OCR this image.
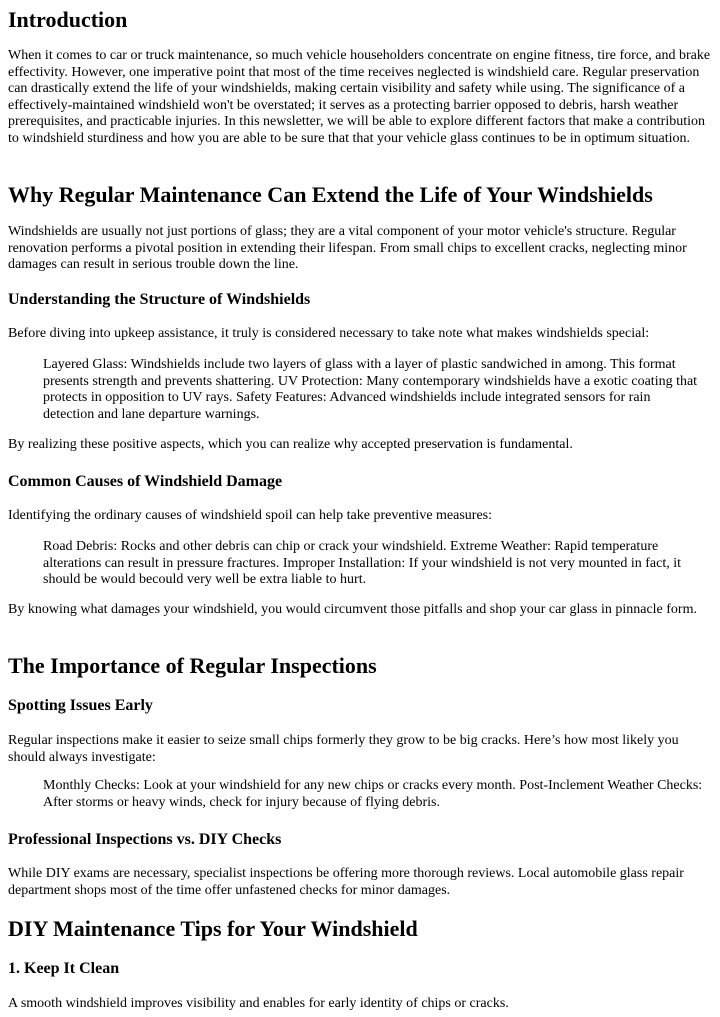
Introduction

When it comes to car or truck maintenance, so much vehicle householders concentrate on engine fitness, tire force, and brake effectivity. However, one imperative point that most of the time receives neglected is windshield care. Regular preservation can drastically extend the life of your windshields, making certain visibility and safety while using. The significance of a effectively-maintained windshield won't be overstated; it serves as a protecting barrier opposed to debris, harsh weather prerequisites, and practicable injuries. In this newsletter, we will be able to explore different factors that make a contribution to windshield sturdiness and how you are able to be sure that that your vehicle glass continues to be in optimum situation.

Why Regular Maintenance Can Extend the Life of Your Windshields

Windshields are usually not just portions of glass; they are a vital component of your motor vehicle's structure. Regular renovation performs a pivotal position in extending their lifespan. From small chips to excellent cracks, neglecting minor damages can result in serious trouble down the line.

Understanding the Structure of Windshields

Before diving into upkeep assistance, it truly is considered necessary to take note what makes windshields special:

Layered Glass: Windshields include two layers of glass with a layer of plastic sandwiched in among. This format presents strength and prevents shattering. UV Protection: Many contemporary windshields have a exotic coating that protects in opposition to UV rays. Safety Features: Advanced windshields include integrated sensors for rain detection and lane departure warnings.

By realizing these positive aspects, which you can realize why accepted preservation is fundamental.

Common Causes of Windshield Damage

Identifying the ordinary causes of windshield spoil can help take preventive measures:

Road Debris: Rocks and other debris can chip or crack your windshield. Extreme Weather: Rapid temperature alterations can result in pressure fractures. Improper Installation: If your windshield is not very mounted in fact, it should be would becould very well be extra liable to hurt.

By knowing what damages your windshield, you would circumvent those pitfalls and shop your car glass in pinnacle form.

The Importance of Regular Inspections
Spotting Issues Early

Regular inspections make it easier to seize small chips formerly they grow to be big cracks. Here’s how most likely you should always investigate:

Monthly Checks: Look at your windshield for any new chips or cracks every month. Post-Inclement Weather Checks: After storms or heavy winds, check for injury because of flying debris.
Professional Inspections vs. DIY Checks

While DIY exams are necessary, specialist inspections be offering more thorough reviews. Local automobile glass repair department shops most of the time offer unfastened checks for minor damages.

DIY Maintenance Tips for Your Windshield
1. Keep It Clean

A smooth windshield improves visibility and enables for early identity of chips or cracks.
